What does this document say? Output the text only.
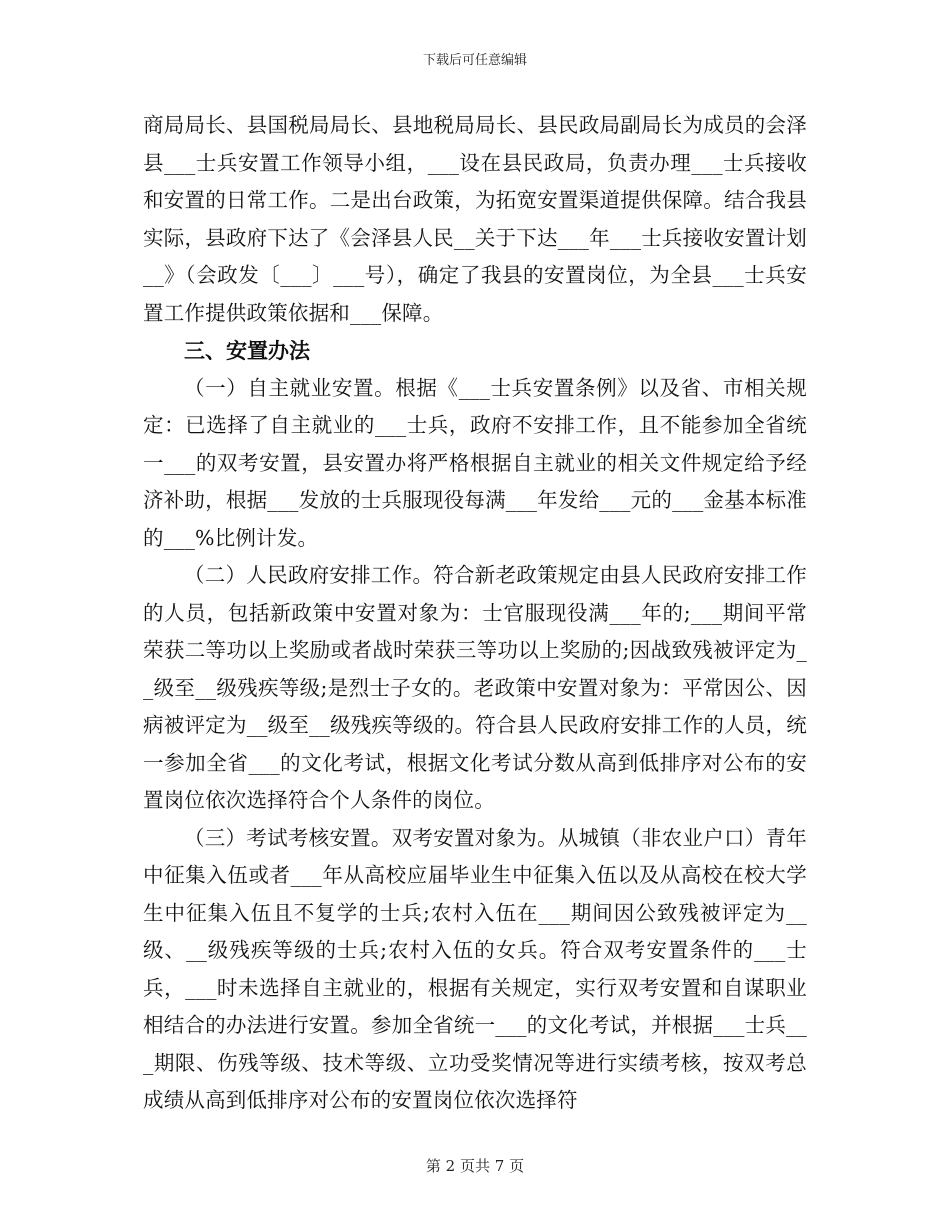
下载后可任意编辑

商局局长、县国税局局长、县地税局局长、县民政局副局长为成员的会泽县___士兵安置工作领导小组，___设在县民政局，负责办理___士兵接收和安置的日常工作。二是出台政策，为拓宽安置渠道提供保障。结合我县实际，县政府下达了《会泽县人民__关于下达___年___士兵接收安置计划__》（会政发〔___〕___号），确定了我县的安置岗位，为全县___士兵安置工作提供政策依据和___保障。

三、安置办法

（一）自主就业安置。根据《___士兵安置条例》以及省、市相关规定：已选择了自主就业的___士兵，政府不安排工作，且不能参加全省统一___的双考安置，县安置办将严格根据自主就业的相关文件规定给予经济补助，根据___发放的士兵服现役每满___年发给___元的___金基本标准的___%比例计发。

（二）人民政府安排工作。符合新老政策规定由县人民政府安排工作的人员，包括新政策中安置对象为：士官服现役满___年的;___期间平常荣获二等功以上奖励或者战时荣获三等功以上奖励的;因战致残被评定为__级至__级残疾等级;是烈士子女的。老政策中安置对象为：平常因公、因病被评定为__级至__级残疾等级的。符合县人民政府安排工作的人员，统一参加全省___的文化考试，根据文化考试分数从高到低排序对公布的安置岗位依次选择符合个人条件的岗位。

（三）考试考核安置。双考安置对象为。从城镇（非农业户口）青年中征集入伍或者___年从高校应届毕业生中征集入伍以及从高校在校大学生中征集入伍且不复学的士兵;农村入伍在___期间因公致残被评定为__级、__级残疾等级的士兵;农村入伍的女兵。符合双考安置条件的___士兵，___时未选择自主就业的，根据有关规定，实行双考安置和自谋职业相结合的办法进行安置。参加全省统一___的文化考试，并根据___士兵___期限、伤残等级、技术等级、立功受奖情况等进行实绩考核，按双考总成绩从高到低排序对公布的安置岗位依次选择符

第 2 页共 7 页
